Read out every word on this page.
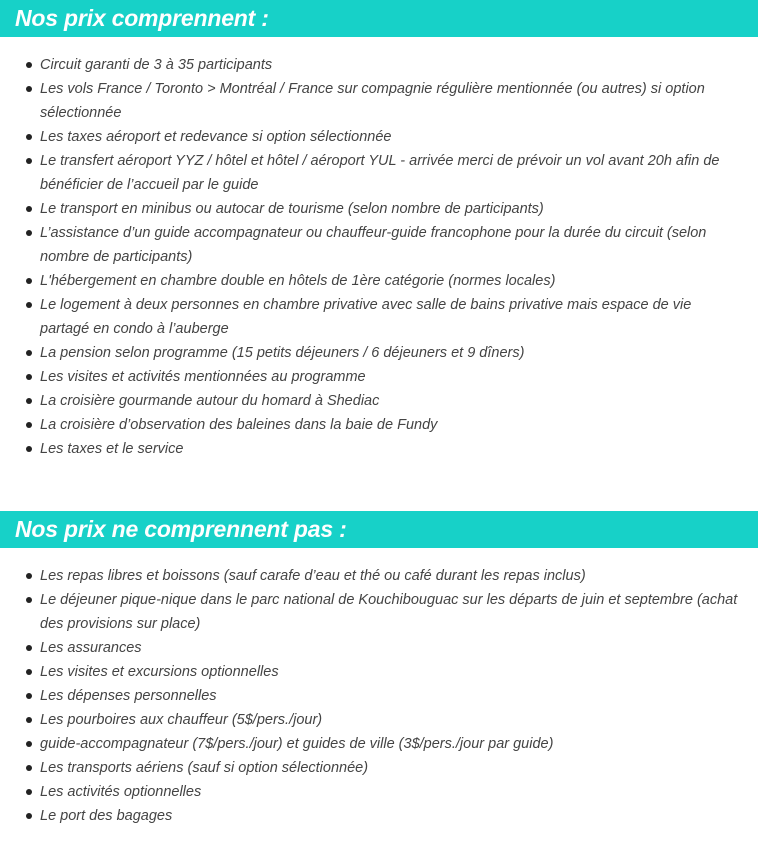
Nos prix comprennent :
Circuit garanti de 3 à 35 participants
Les vols France / Toronto > Montréal / France sur compagnie régulière mentionnée (ou autres) si option sélectionnée
Les taxes aéroport et redevance si option sélectionnée
Le transfert aéroport YYZ / hôtel et hôtel / aéroport YUL - arrivée merci de prévoir un vol avant 20h afin de bénéficier de l’accueil par le guide
Le transport en minibus ou autocar de tourisme (selon nombre de participants)
L’assistance d’un guide accompagnateur ou chauffeur-guide francophone pour la durée du circuit (selon nombre de participants)
L'hébergement en chambre double en hôtels de 1ère catégorie (normes locales)
Le logement à deux personnes en chambre privative avec salle de bains privative mais espace de vie partagé en condo à l’auberge
La pension selon programme (15 petits déjeuners / 6 déjeuners et 9 dîners)
Les visites et activités mentionnées au programme
La croisière gourmande autour du homard à Shediac
La croisière d’observation des baleines dans la baie de Fundy
Les taxes et le service
Nos prix ne comprennent pas :
Les repas libres et boissons (sauf carafe d’eau et thé ou café durant les repas inclus)
Le déjeuner pique-nique dans le parc national de Kouchibouguac sur les départs de juin et septembre (achat des provisions sur place)
Les assurances
Les visites et excursions optionnelles
Les dépenses personnelles
Les pourboires aux chauffeur (5$/pers./jour)
guide-accompagnateur (7$/pers./jour) et guides de ville (3$/pers./jour par guide)
Les transports aériens (sauf si option sélectionnée)
Les activités optionnelles
Le port des bagages
